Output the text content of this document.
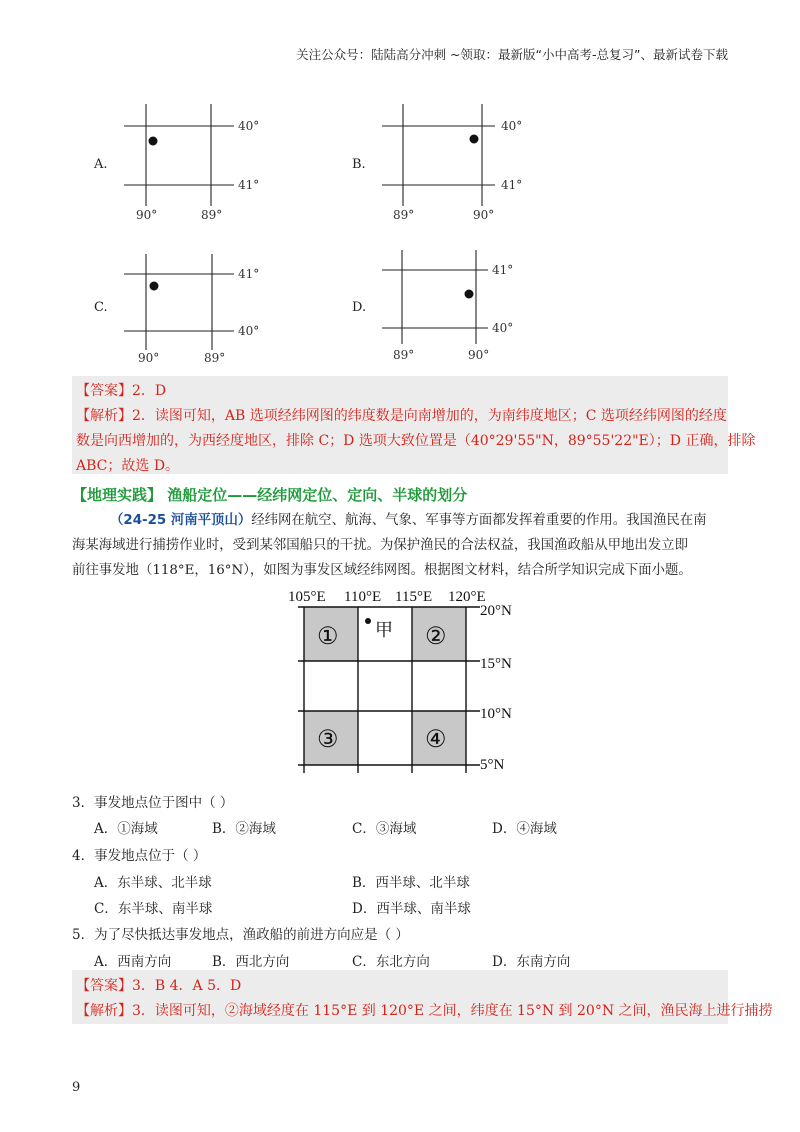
关注公众号：陆陆高分冲刺 ~领取：最新版“小中高考-总复习”、最新试卷下载
A.
40°
41°
90°	89°
B.
40°
41°
89°	90°
C.
41°
40°
90°	89°
D.
41°
40°
89°	90°
【答案】2．D
【解析】2．读图可知，AB 选项经纬网图的纬度数是向南增加的，为南纬度地区；C 选项经纬网图的经度
数是向西增加的，为西经度地区，排除 C；D 选项大致位置是（40°29'55"N，89°55'22"E）；D 正确，排除
ABC；故选 D。
【地理实践】 渔船定位——经纬网定位、定向、半球的划分
（24-25 河南平顶山）经纬网在航空、航海、气象、军事等方面都发挥着重要的作用。我国渔民在南
海某海域进行捕捞作业时，受到某邻国船只的干扰。为保护渔民的合法权益，我国渔政船从甲地出发立即
前往事发地（118°E，16°N），如图为事发区域经纬网图。根据图文材料，结合所学知识完成下面小题。
105°E 110°E 115°E 120°E
20°N
15°N
10°N
5°N
①	②
③	④
甲
3．事发地点位于图中（ ）
A．①海域	B．②海域	C．③海域	D．④海域
4．事发地点位于（ ）
A．东半球、北半球	B．西半球、北半球
C．东半球、南半球	D．西半球、南半球
5．为了尽快抵达事发地点，渔政船的前进方向应是（ ）
A．西南方向	B．西北方向	C．东北方向	D．东南方向
【答案】3．B 4．A 5．D
【解析】3．读图可知，②海域经度在 115°E 到 120°E 之间，纬度在 15°N 到 20°N 之间，渔民海上进行捕捞
9
